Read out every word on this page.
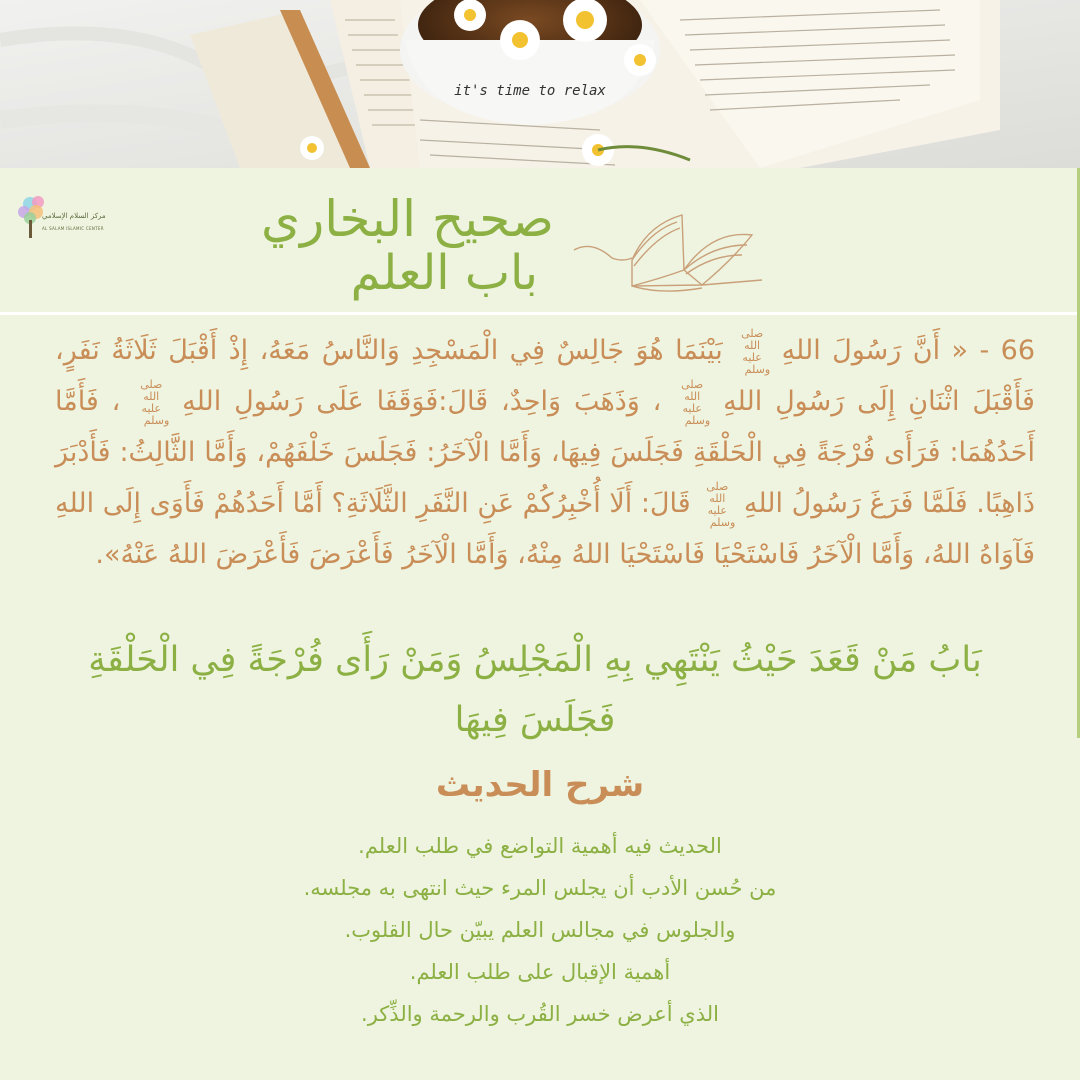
it's time to relax
مركز السلام الإسلامي
AL SALAM ISLAMIC CENTER	صحيح البخاري
باب العلم
66 - « أَنَّ رَسُولَ اللهِ صلى الله عليه وسلم بَيْنَمَا هُوَ جَالِسٌ فِي الْمَسْجِدِ وَالنَّاسُ مَعَهُ، إِذْ أَقْبَلَ ثَلَاثَةُ نَفَرٍ، فَأَقْبَلَ اثْنَانِ إِلَى رَسُولِ اللهِ صلى الله عليه وسلم ، وَذَهَبَ وَاحِدٌ، قَالَ:فَوَقَفَا عَلَى رَسُولِ اللهِ صلى الله عليه وسلم ، فَأَمَّا أَحَدُهُمَا: فَرَأَى فُرْجَةً فِي الْحَلْقَةِ فَجَلَسَ فِيهَا، وَأَمَّا الْآخَرُ: فَجَلَسَ خَلْفَهُمْ، وَأَمَّا الثَّالِثُ: فَأَدْبَرَ ذَاهِبًا. فَلَمَّا فَرَغَ رَسُولُ اللهِ صلى الله عليه وسلم قَالَ: أَلَا أُخْبِرُكُمْ عَنِ النَّفَرِ الثَّلَاثَةِ؟ أَمَّا أَحَدُهُمْ فَأَوَى إِلَى اللهِ فَآوَاهُ اللهُ، وَأَمَّا الْآخَرُ فَاسْتَحْيَا فَاسْتَحْيَا اللهُ مِنْهُ، وَأَمَّا الْآخَرُ فَأَعْرَضَ فَأَعْرَضَ اللهُ عَنْهُ».
بَابُ مَنْ قَعَدَ حَيْثُ يَنْتَهِي بِهِ الْمَجْلِسُ وَمَنْ رَأَى فُرْجَةً فِي الْحَلْقَةِ فَجَلَسَ فِيهَا
شرح الحديث
الحديث فيه أهمية التواضع في طلب العلم.
من حُسن الأدب أن يجلس المرء حيث انتهى به مجلسه.
والجلوس في مجالس العلم يبيّن حال القلوب.
أهمية الإقبال على طلب العلم.
الذي أعرض خسر القُرب والرحمة والذِّكر.
